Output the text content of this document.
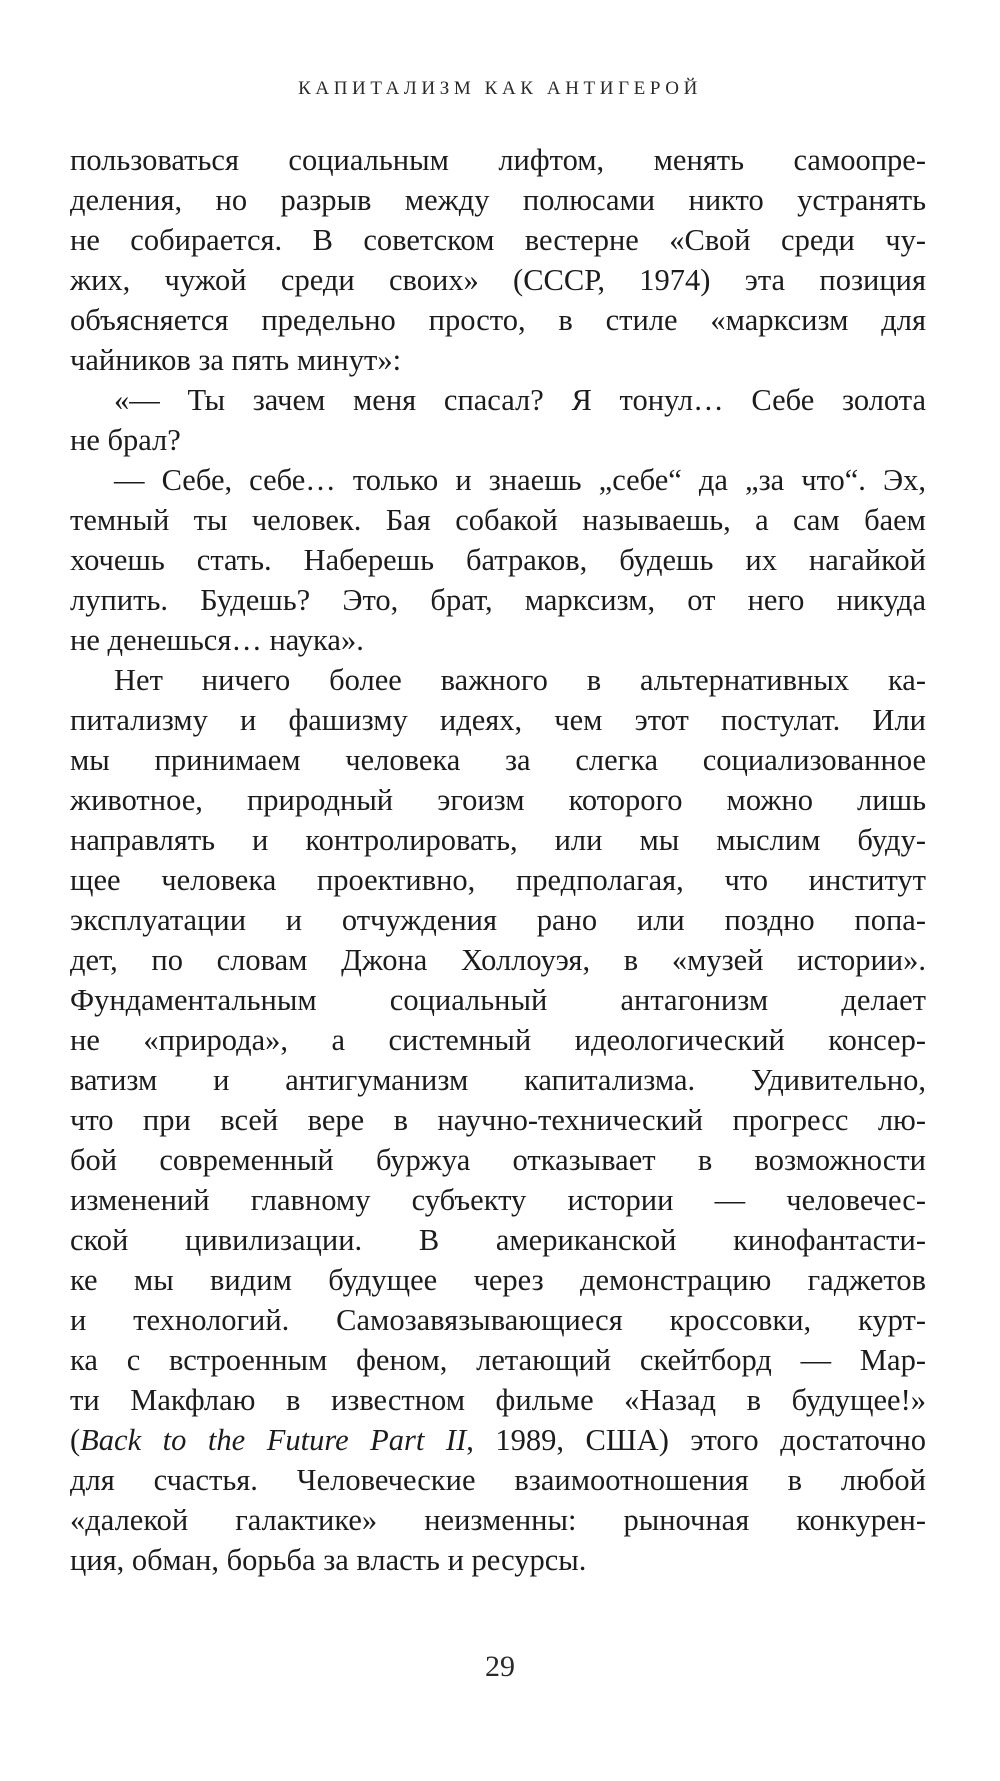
КАПИТАЛИЗМ КАК АНТИГЕРОЙ
пользоваться социальным лифтом, менять самоопре-
деления, но разрыв между полюсами никто устранять
не собирается. В советском вестерне «Свой среди чу-
жих, чужой среди своих» (СССР, 1974) эта позиция
объясняется предельно просто, в стиле «марксизм для
чайников за пять минут»:
«— Ты зачем меня спасал? Я тонул… Себе золота
не брал?
— Себе, себе… только и знаешь „себе“ да „за что“. Эх,
темный ты человек. Бая собакой называешь, а сам баем
хочешь стать. Наберешь батраков, будешь их нагайкой
лупить. Будешь? Это, брат, марксизм, от него никуда
не денешься… наука».
Нет ничего более важного в альтернативных ка-
питализму и фашизму идеях, чем этот постулат. Или
мы принимаем человека за слегка социализованное
животное, природный эгоизм которого можно лишь
направлять и контролировать, или мы мыслим буду-
щее человека проективно, предполагая, что институт
эксплуатации и отчуждения рано или поздно попа-
дет, по словам Джона Холлоуэя, в «музей истории».
Фундаментальным социальный антагонизм делает
не «природа», а системный идеологический консер-
ватизм и антигуманизм капитализма. Удивительно,
что при всей вере в научно-технический прогресс лю-
бой современный буржуа отказывает в возможности
изменений главному субъекту истории — человечес-
ской цивилизации. В американской кинофантасти-
ке мы видим будущее через демонстрацию гаджетов
и технологий. Самозавязывающиеся кроссовки, курт-
ка с встроенным феном, летающий скейтборд — Мар-
ти Макфлаю в известном фильме «Назад в будущее!»
(Back to the Future Part II, 1989, США) этого достаточно
для счастья. Человеческие взаимоотношения в любой
«далекой галактике» неизменны: рыночная конкурен-
ция, обман, борьба за власть и ресурсы.
29
